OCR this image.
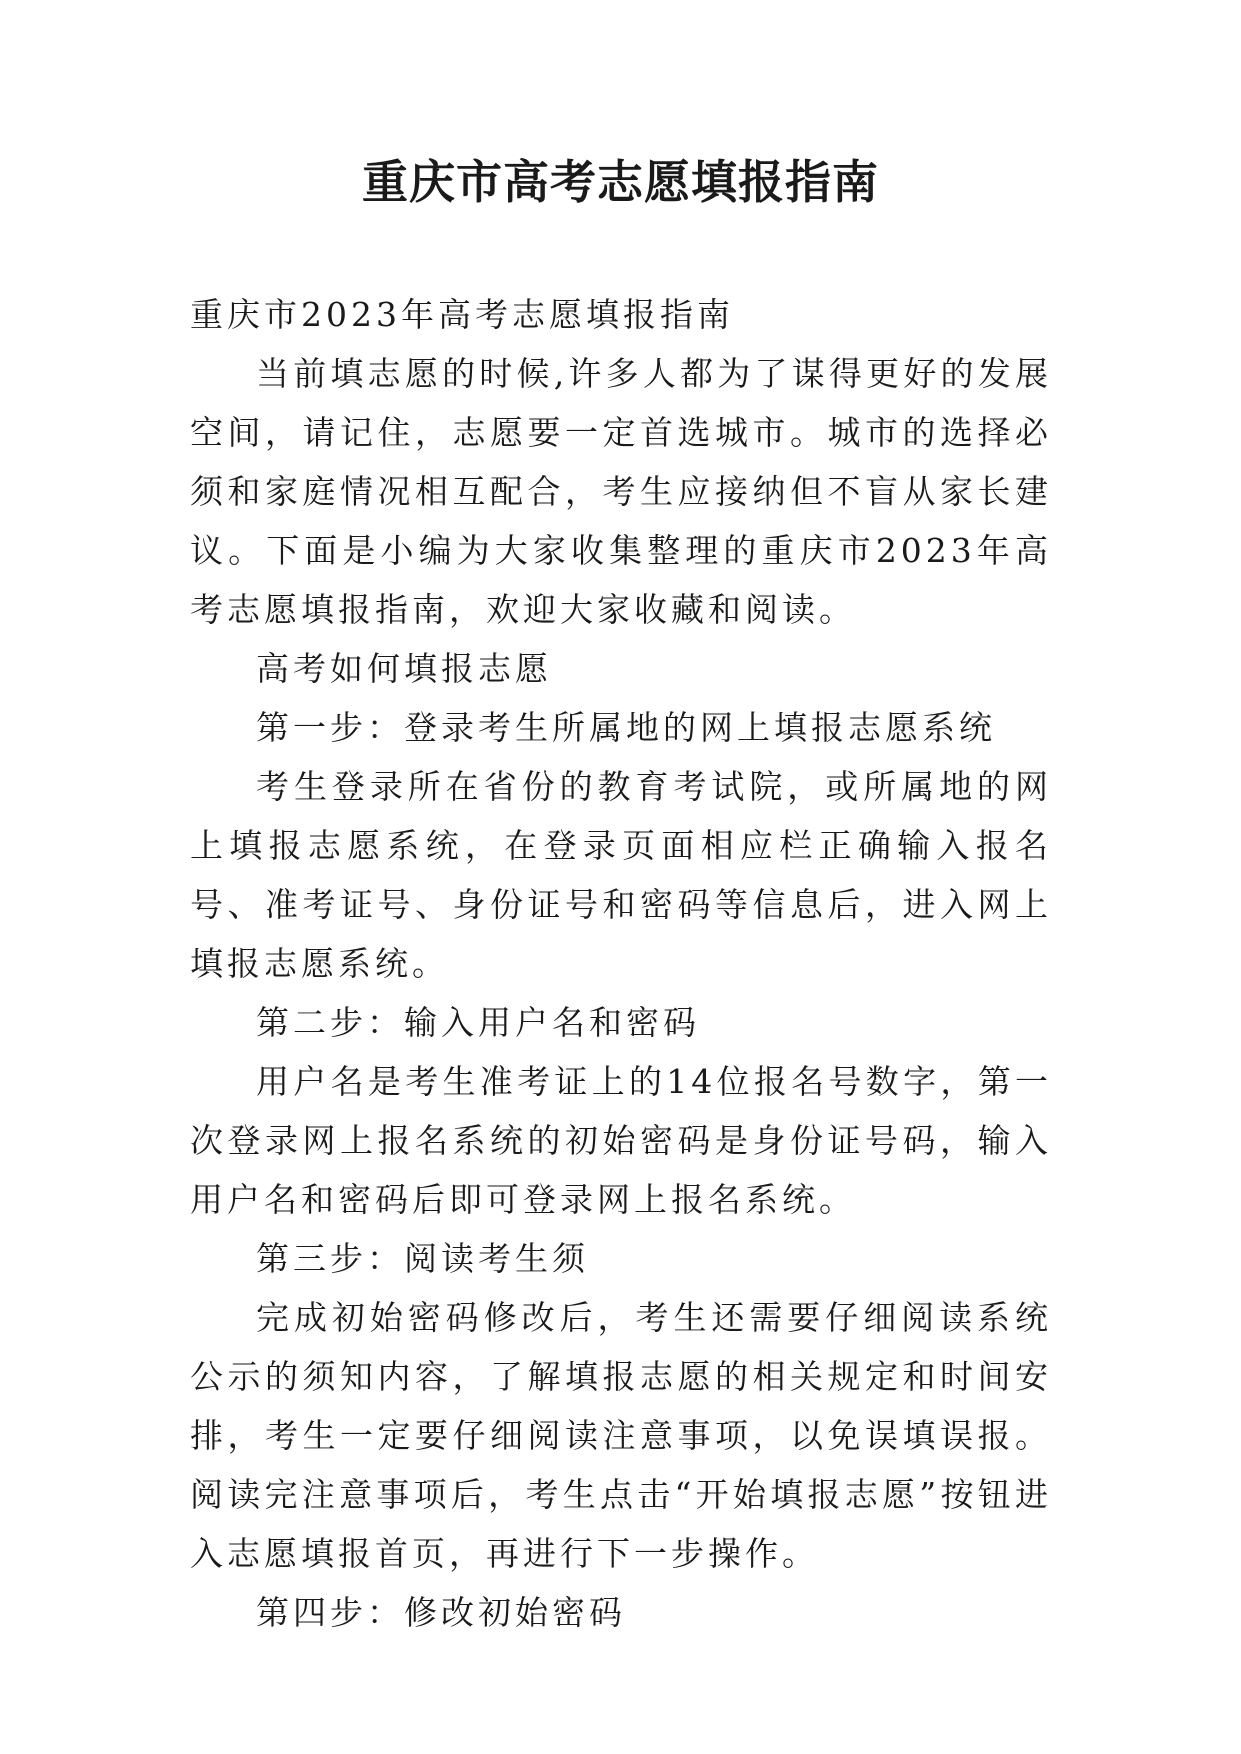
重庆市高考志愿填报指南

重庆市2023年高考志愿填报指南

当前填志愿的时候,许多人都为了谋得更好的发展空间，请记住，志愿要一定首选城市。城市的选择必须和家庭情况相互配合，考生应接纳但不盲从家长建议。下面是小编为大家收集整理的重庆市2023年高考志愿填报指南，欢迎大家收藏和阅读。

高考如何填报志愿

第一步：登录考生所属地的网上填报志愿系统

考生登录所在省份的教育考试院，或所属地的网上填报志愿系统，在登录页面相应栏正确输入报名号、准考证号、身份证号和密码等信息后，进入网上填报志愿系统。

第二步：输入用户名和密码

用户名是考生准考证上的14位报名号数字，第一次登录网上报名系统的初始密码是身份证号码，输入用户名和密码后即可登录网上报名系统。

第三步：阅读考生须

完成初始密码修改后，考生还需要仔细阅读系统公示的须知内容，了解填报志愿的相关规定和时间安排，考生一定要仔细阅读注意事项，以免误填误报。阅读完注意事项后，考生点击“开始填报志愿”按钮进入志愿填报首页，再进行下一步操作。

第四步：修改初始密码
